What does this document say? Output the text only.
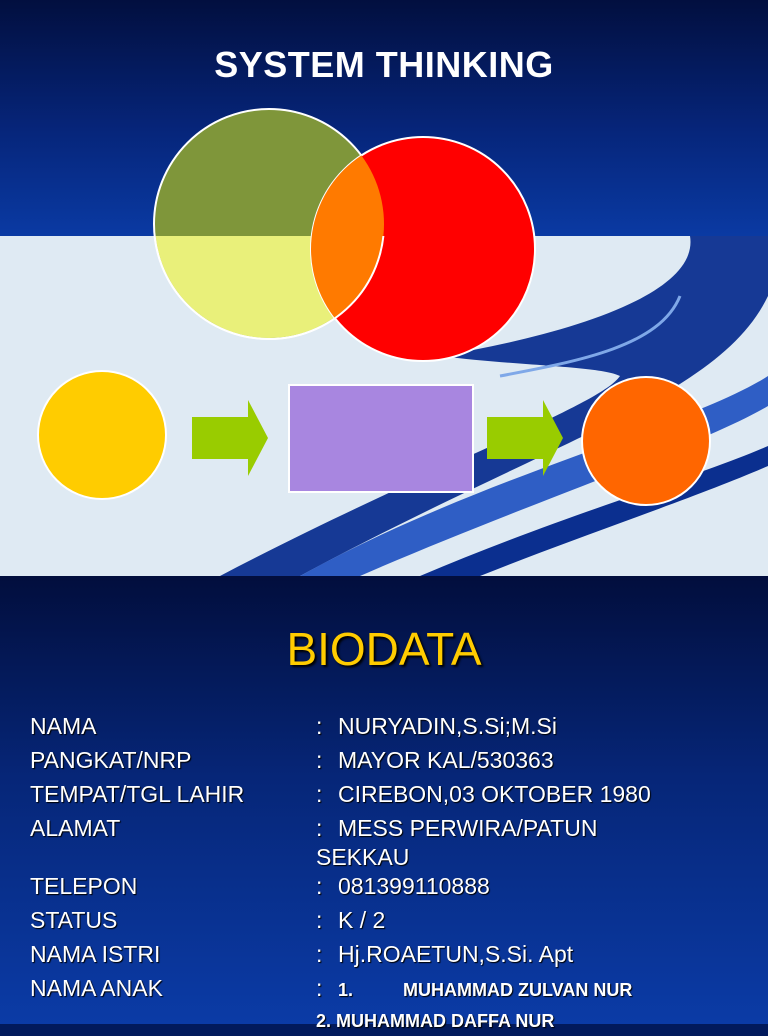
SYSTEM THINKING
BIODATA
NAMA	: NURYADIN,S.Si;M.Si
PANGKAT/NRP	: MAYOR KAL/530363
TEMPAT/TGL LAHIR	: CIREBON,03 OKTOBER 1980
ALAMAT	: MESS PERWIRA/PATUN
SEKKAU
TELEPON	: 081399110888
STATUS	: K / 2
NAMA ISTRI	: Hj.ROAETUN,S.Si. Apt
NAMA ANAK	: 1.          MUHAMMAD ZULVAN NUR
2. MUHAMMAD DAFFA NUR
